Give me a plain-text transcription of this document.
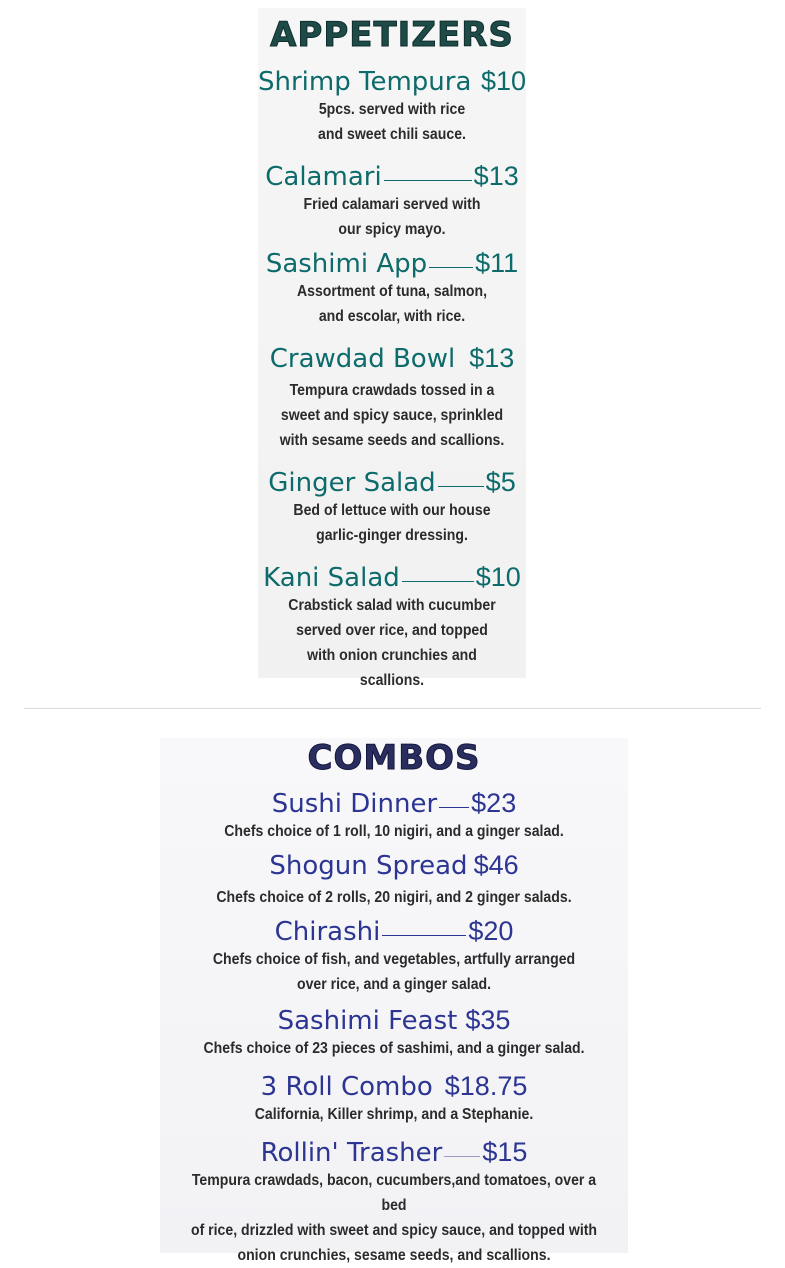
APPETIZERS
Shrimp Tempura $10
5pcs. served with rice
and sweet chili sauce.
Calamari	$13
Fried calamari served with
our spicy mayo.
Sashimi App $11
Assortment of tuna, salmon,
and escolar, with rice.
Crawdad Bowl $13
Tempura crawdads tossed in a
sweet and spicy sauce, sprinkled
with sesame seeds and scallions.
Ginger Salad $5
Bed of lettuce with our house
garlic-ginger dressing.
Kani Salad	$10
Crabstick salad with cucumber
served over rice, and topped
with onion crunchies and scallions.
COMBOS
Sushi Dinner $23
Chefs choice of 1 roll, 10 nigiri, and a ginger salad.
Shogun Spread $46
Chefs choice of 2 rolls, 20 nigiri, and 2 ginger salads.
Chirashi	$20
Chefs choice of fish, and vegetables, artfully arranged
over rice, and a ginger salad.
Sashimi Feast $35
Chefs choice of 23 pieces of sashimi, and a ginger salad.
3 Roll Combo $18.75
California, Killer shrimp, and a Stephanie.
Rollin' Trasher $15
Tempura crawdads, bacon, cucumbers,and tomatoes, over a bed
of rice, drizzled with sweet and spicy sauce, and topped with
onion crunchies, sesame seeds, and scallions.
